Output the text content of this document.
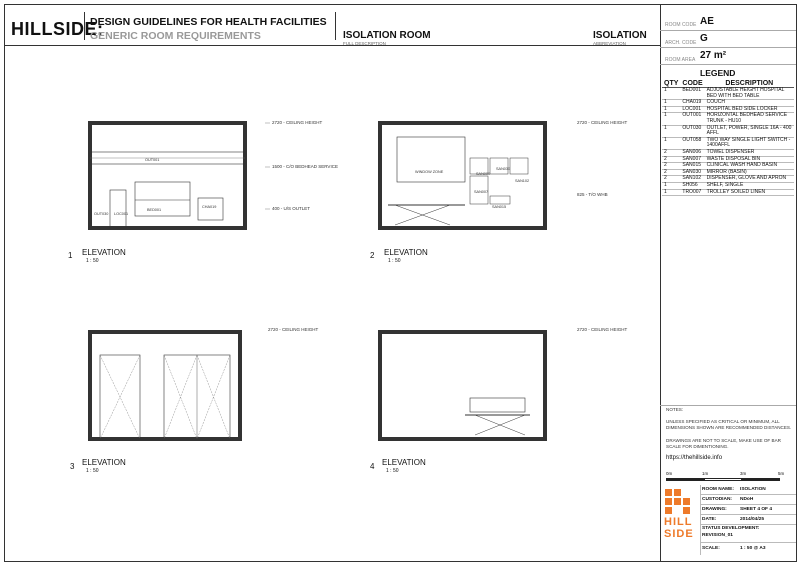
HILLSIDE:
DESIGN GUIDELINES FOR HEALTH FACILITIES
GENERIC ROOM REQUIREMENTS	ISOLATION ROOM
FULL DESCRIPTION
ISOLATION
ABBREVIATION
ROOM CODE AE
ARCH. CODE G
ROOM AREA 27 m²
LEGEND
QTY	CODE	DESCRIPTION
1	BED001	ADJUSTABLE HEIGHT HOSPITAL BED WITH BED TABLE
1	CHA019	COUCH
1	LOC001	HOSPITAL BED SIDE LOCKER
1	OUT001	HORIZONTAL BEDHEAD SERVICE TRUNK - HU10
1	OUT030	OUTLET, POWER, SINGLE 16A - 400 AFFL
1	OUT058	TWO WAY SINGLE LIGHT SWITCH - 1400AFFL
2	SAN006	TOWEL DISPENSER
2	SAN007	WASTE DISPOSAL BIN
2	SAN015	CLINICAL WASH HAND BASIN
2	SAN030	MIRROR (BASIN)
2	SAN102	DISPENSER, GLOVE AND APRON
1	SH056	SHELF, SINGLE
1	TRO007	TROLLEY SOILED LINEN
NOTES:
UNLESS SPECIFIED AS CRITICAL OR MINIMUM, ALL DIMENSIONS SHOWN ARE RECOMMENDED DISTANCES.
DRAWINGS ARE NOT TO SCALE, MAKE USE OF BAR SCALE FOR DIMENTIONING.
https://thehillside.info
0m	1m	3m	5m
HILL
SIDE
ROOM NAME: ISOLATION
CUSTODIAN: NDoH
DRAWING:	SHEET 4 OF 4
DATE:	2014/04/25
STATUS DEVELOPMENT:
REVISION_01
SCALE:	1 : 50 @ A3
2720 - CEILING HEIGHT
1500 - C/O BEDHEAD SERVICE
400 - U/S OUTLET
OUT001
OUT030 LOC001
BED001
CHA019
1 ELEVATION
1 : 50
2720 - CEILING HEIGHT
825 - T/O WHB
WINDOW ZONE	SAN006
SAN030
SAN102
SAN007
SAN015
2 ELEVATION
1 : 50
2720 - CEILING HEIGHT
3 ELEVATION
1 : 50
2720 - CEILING HEIGHT
4 ELEVATION
1 : 50
